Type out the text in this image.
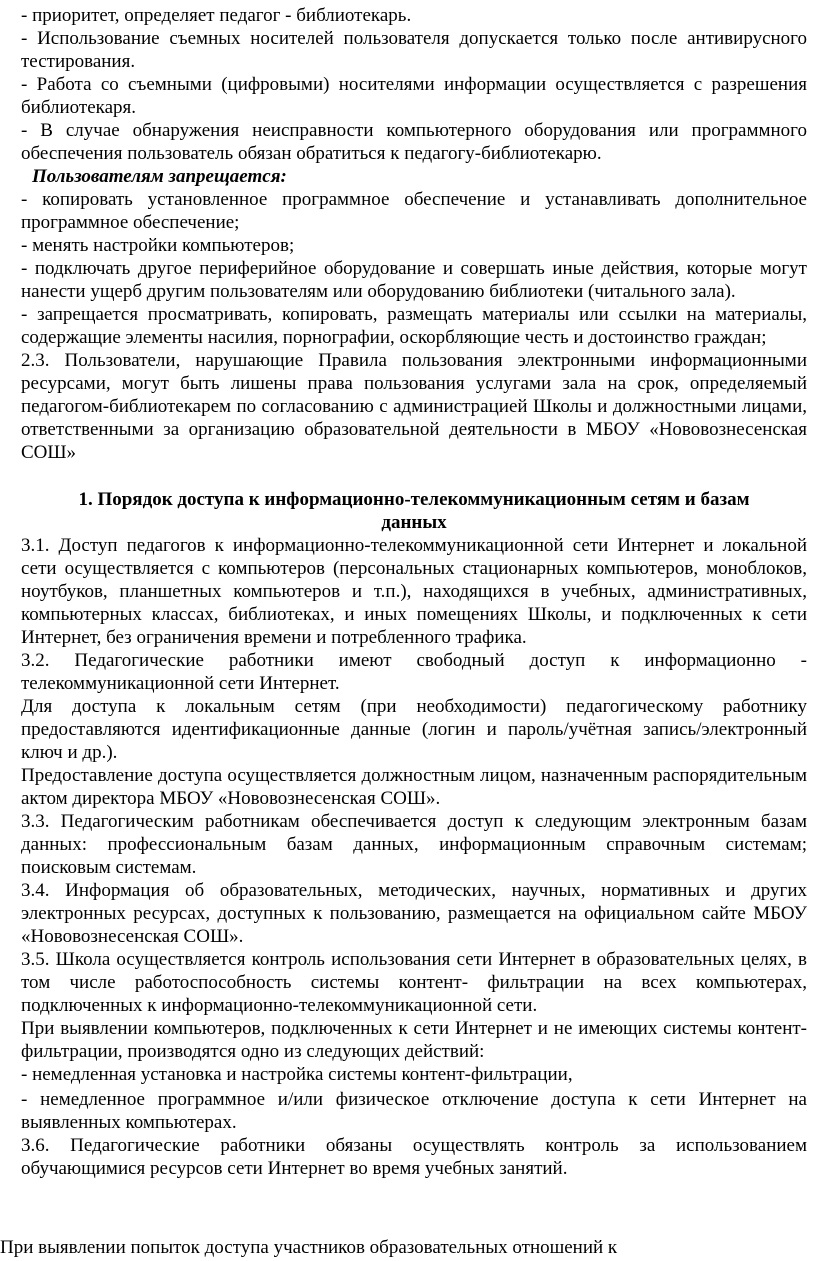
- приоритет, определяет педагог - библиотекарь.

- Использование съемных носителей пользователя допускается только после антивирусного тестирования.

- Работа со съемными (цифровыми) носителями информации осуществляется с разрешения библиотекаря.

- В случае обнаружения неисправности компьютерного оборудования или программного обеспечения пользователь обязан обратиться к педагогу-библиотекарю.

Пользователям запрещается:

- копировать установленное программное обеспечение и устанавливать дополнительное программное обеспечение;

- менять настройки компьютеров;

- подключать другое периферийное оборудование и совершать иные действия, которые могут нанести ущерб другим пользователям или оборудованию библиотеки (читального зала).

- запрещается просматривать, копировать, размещать материалы или ссылки на материалы, содержащие элементы насилия, порнографии, оскорбляющие честь и достоинство граждан;

2.3. Пользователи, нарушающие Правила пользования электронными информационными ресурсами, могут быть лишены права пользования услугами зала на срок, определяемый педагогом-библиотекарем по согласованию с администрацией Школы и должностными лицами, ответственными за организацию образовательной деятельности в МБОУ «Нововознесенская СОШ»

1. Порядок доступа к информационно-телекоммуникационным сетям и базам данных

3.1. Доступ педагогов к информационно-телекоммуникационной сети Интернет и локальной сети осуществляется с компьютеров (персональных стационарных компьютеров, моноблоков, ноутбуков, планшетных компьютеров и т.п.), находящихся в учебных, административных, компьютерных классах, библиотеках, и иных помещениях Школы, и подключенных к сети Интернет, без ограничения времени и потребленного трафика.

3.2. Педагогические работники имеют свободный доступ к информационно - телекоммуникационной сети Интернет.

Для доступа к локальным сетям (при необходимости) педагогическому работнику предоставляются идентификационные данные (логин и пароль/учётная запись/электронный ключ и др.).

Предоставление доступа осуществляется должностным лицом, назначенным распорядительным актом директора МБОУ «Нововознесенская СОШ».

3.3. Педагогическим работникам обеспечивается доступ к следующим электронным базам данных: профессиональным базам данных, информационным справочным системам; поисковым системам.

3.4. Информация об образовательных, методических, научных, нормативных и других электронных ресурсах, доступных к пользованию, размещается на официальном сайте МБОУ «Нововознесенская СОШ».

3.5. Школа осуществляется контроль использования сети Интернет в образовательных целях, в том числе работоспособность системы контент- фильтрации на всех компьютерах, подключенных к информационно-телекоммуникационной сети.

При выявлении компьютеров, подключенных к сети Интернет и не имеющих системы контент-фильтрации, производятся одно из следующих действий:

- немедленная установка и настройка системы контент-фильтрации,

- немедленное программное и/или физическое отключение доступа к сети Интернет на выявленных компьютерах.

3.6. Педагогические работники обязаны осуществлять контроль за использованием обучающимися ресурсов сети Интернет во время учебных занятий.

При выявлении попыток доступа участников образовательных отношений к
